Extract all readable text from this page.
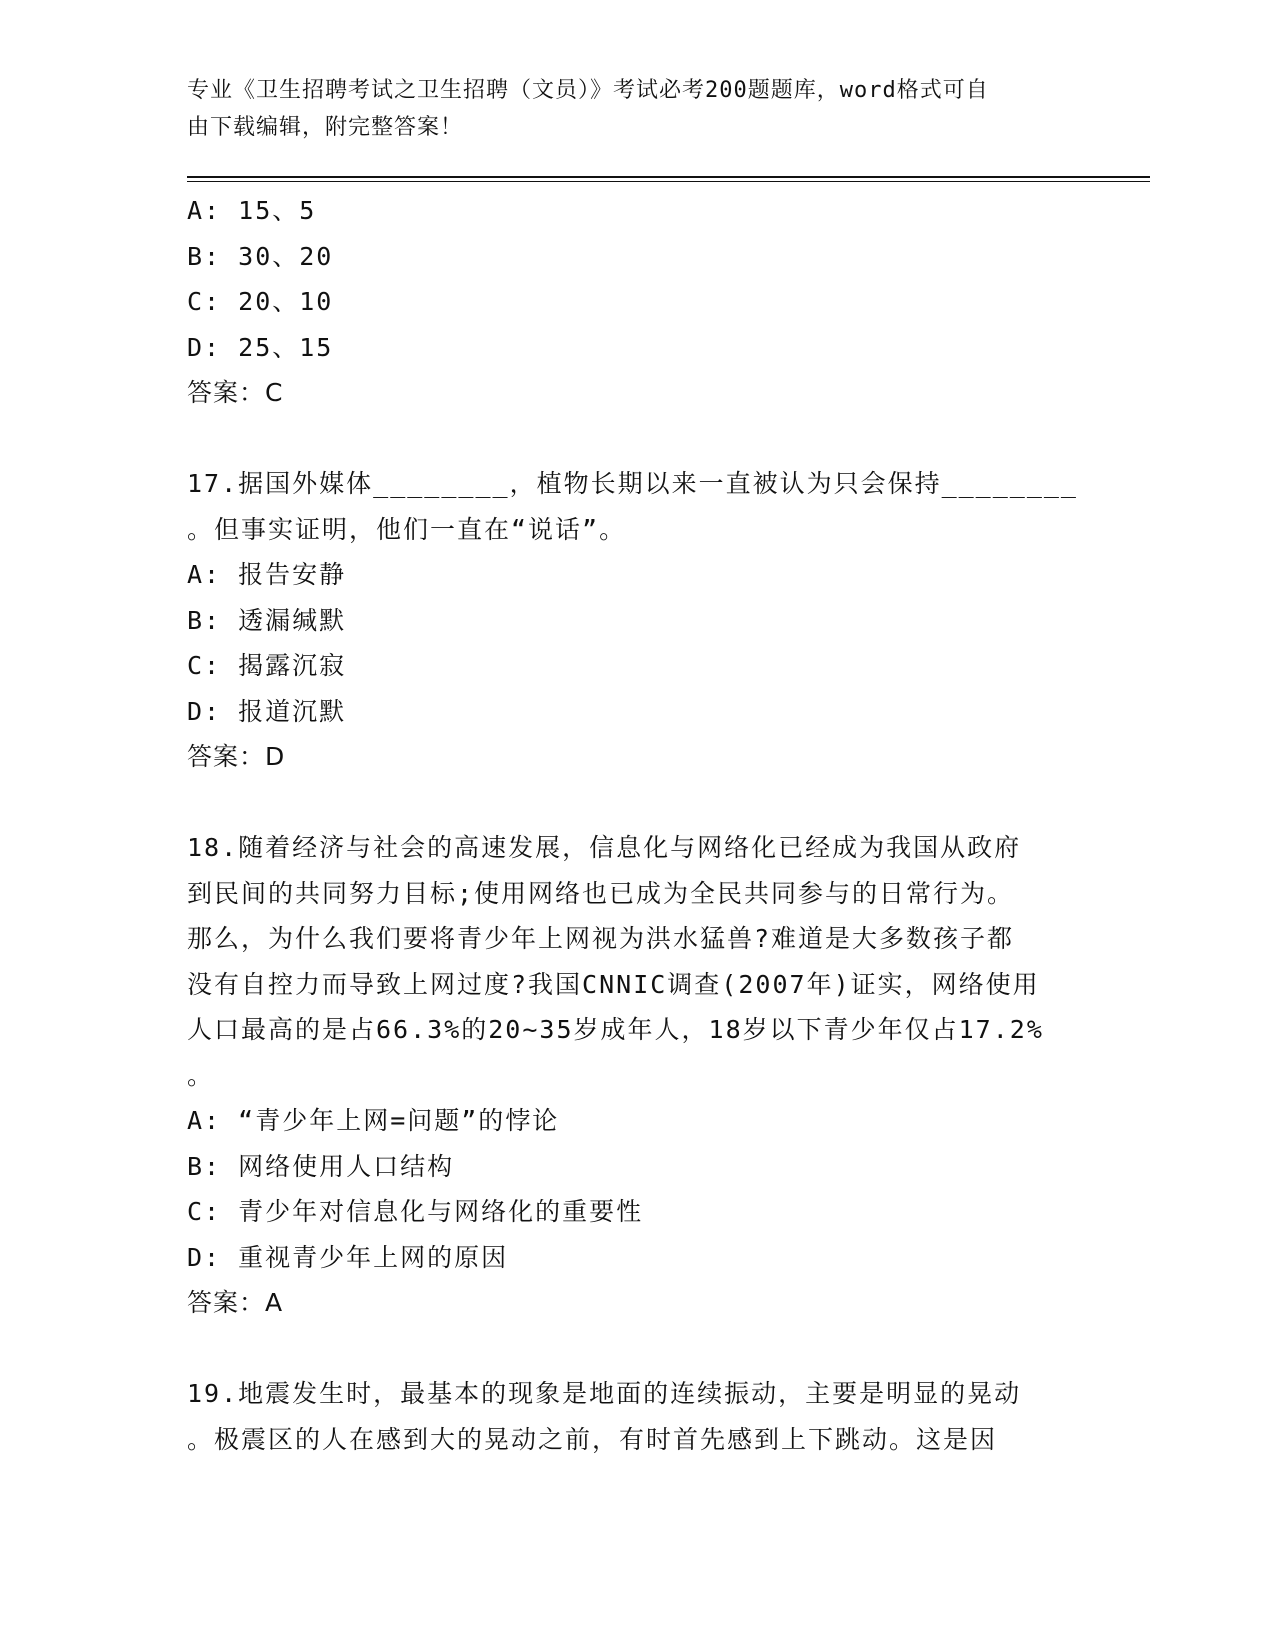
专业《卫生招聘考试之卫生招聘（文员）》考试必考200题题库，word格式可自
由下载编辑，附完整答案！
A: 15、5
B: 30、20
C: 20、10
D: 25、15
答案：C
17.据国外媒体________，植物长期以来一直被认为只会保持________
。但事实证明，他们一直在“说话”。
A: 报告安静
B: 透漏缄默
C: 揭露沉寂
D: 报道沉默
答案：D
18.随着经济与社会的高速发展，信息化与网络化已经成为我国从政府
到民间的共同努力目标;使用网络也已成为全民共同参与的日常行为。
那么，为什么我们要将青少年上网视为洪水猛兽?难道是大多数孩子都
没有自控力而导致上网过度?我国CNNIC调查(2007年)证实，网络使用
人口最高的是占66.3%的20~35岁成年人，18岁以下青少年仅占17.2%
。
A: “青少年上网=问题”的悖论
B: 网络使用人口结构
C: 青少年对信息化与网络化的重要性
D: 重视青少年上网的原因
答案：A
19.地震发生时，最基本的现象是地面的连续振动，主要是明显的晃动
。极震区的人在感到大的晃动之前，有时首先感到上下跳动。这是因
